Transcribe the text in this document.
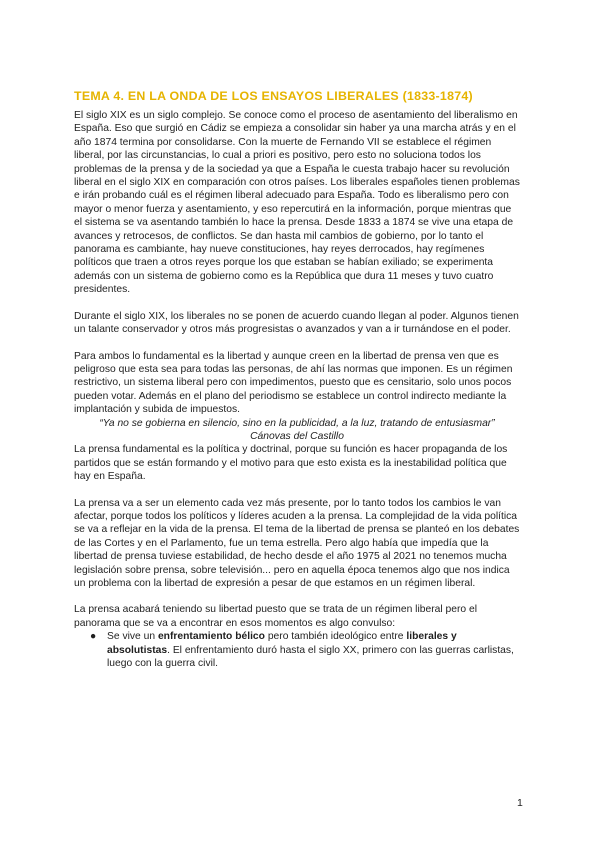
TEMA 4. EN LA ONDA DE LOS ENSAYOS LIBERALES (1833-1874)

El siglo XIX es un siglo complejo. Se conoce como el proceso de asentamiento del liberalismo en España. Eso que surgió en Cádiz se empieza a consolidar sin haber ya una marcha atrás y en el año 1874 termina por consolidarse. Con la muerte de Fernando VII se establece el régimen liberal, por las circunstancias, lo cual a priori es positivo, pero esto no soluciona todos los problemas de la prensa y de la sociedad ya que a España le cuesta trabajo hacer su revolución liberal en el siglo XIX en comparación con otros países. Los liberales españoles tienen problemas e irán probando cuál es el régimen liberal adecuado para España. Todo es liberalismo pero con mayor o menor fuerza y asentamiento, y eso repercutirá en la información, porque mientras que el sistema se va asentando también lo hace la prensa. Desde 1833 a 1874 se vive una etapa de avances y retrocesos, de conflictos. Se dan hasta mil cambios de gobierno, por lo tanto el panorama es cambiante, hay nueve constituciones, hay reyes derrocados, hay regímenes políticos que traen a otros reyes porque los que estaban se habían exiliado; se experimenta además con un sistema de gobierno como es la República que dura 11 meses y tuvo cuatro presidentes.

Durante el siglo XIX, los liberales no se ponen de acuerdo cuando llegan al poder. Algunos tienen un talante conservador y otros más progresistas o avanzados y van a ir turnándose en el poder.

Para ambos lo fundamental es la libertad y aunque creen en la libertad de prensa ven que es peligroso que esta sea para todas las personas, de ahí las normas que imponen. Es un régimen restrictivo, un sistema liberal pero con impedimentos, puesto que es censitario, solo unos pocos pueden votar. Además en el plano del periodismo se establece un control indirecto mediante la implantación y subida de impuestos.

“Ya no se gobierna en silencio, sino en la publicidad, a la luz, tratando de entusiasmar”

Cánovas del Castillo

La prensa fundamental es la política y doctrinal, porque su función es hacer propaganda de los partidos que se están formando y el motivo para que esto exista es la inestabilidad política que hay en España.

La prensa va a ser un elemento cada vez más presente, por lo tanto todos los cambios le van afectar, porque todos los políticos y líderes acuden a la prensa. La complejidad de la vida política se va a reflejar en la vida de la prensa. El tema de la libertad de prensa se planteó en los debates de las Cortes y en el Parlamento, fue un tema estrella. Pero algo había que impedía que la libertad de prensa tuviese estabilidad, de hecho desde el año 1975 al 2021 no tenemos mucha legislación sobre prensa, sobre televisión... pero en aquella época tenemos algo que nos indica un problema con la libertad de expresión a pesar de que estamos en un régimen liberal.

La prensa acabará teniendo su libertad puesto que se trata de un régimen liberal pero el panorama que se va a encontrar en esos momentos es algo convulso:

● Se vive un enfrentamiento bélico pero también ideológico entre liberales y absolutistas. El enfrentamiento duró hasta el siglo XX, primero con las guerras carlistas, luego con la guerra civil.
1
